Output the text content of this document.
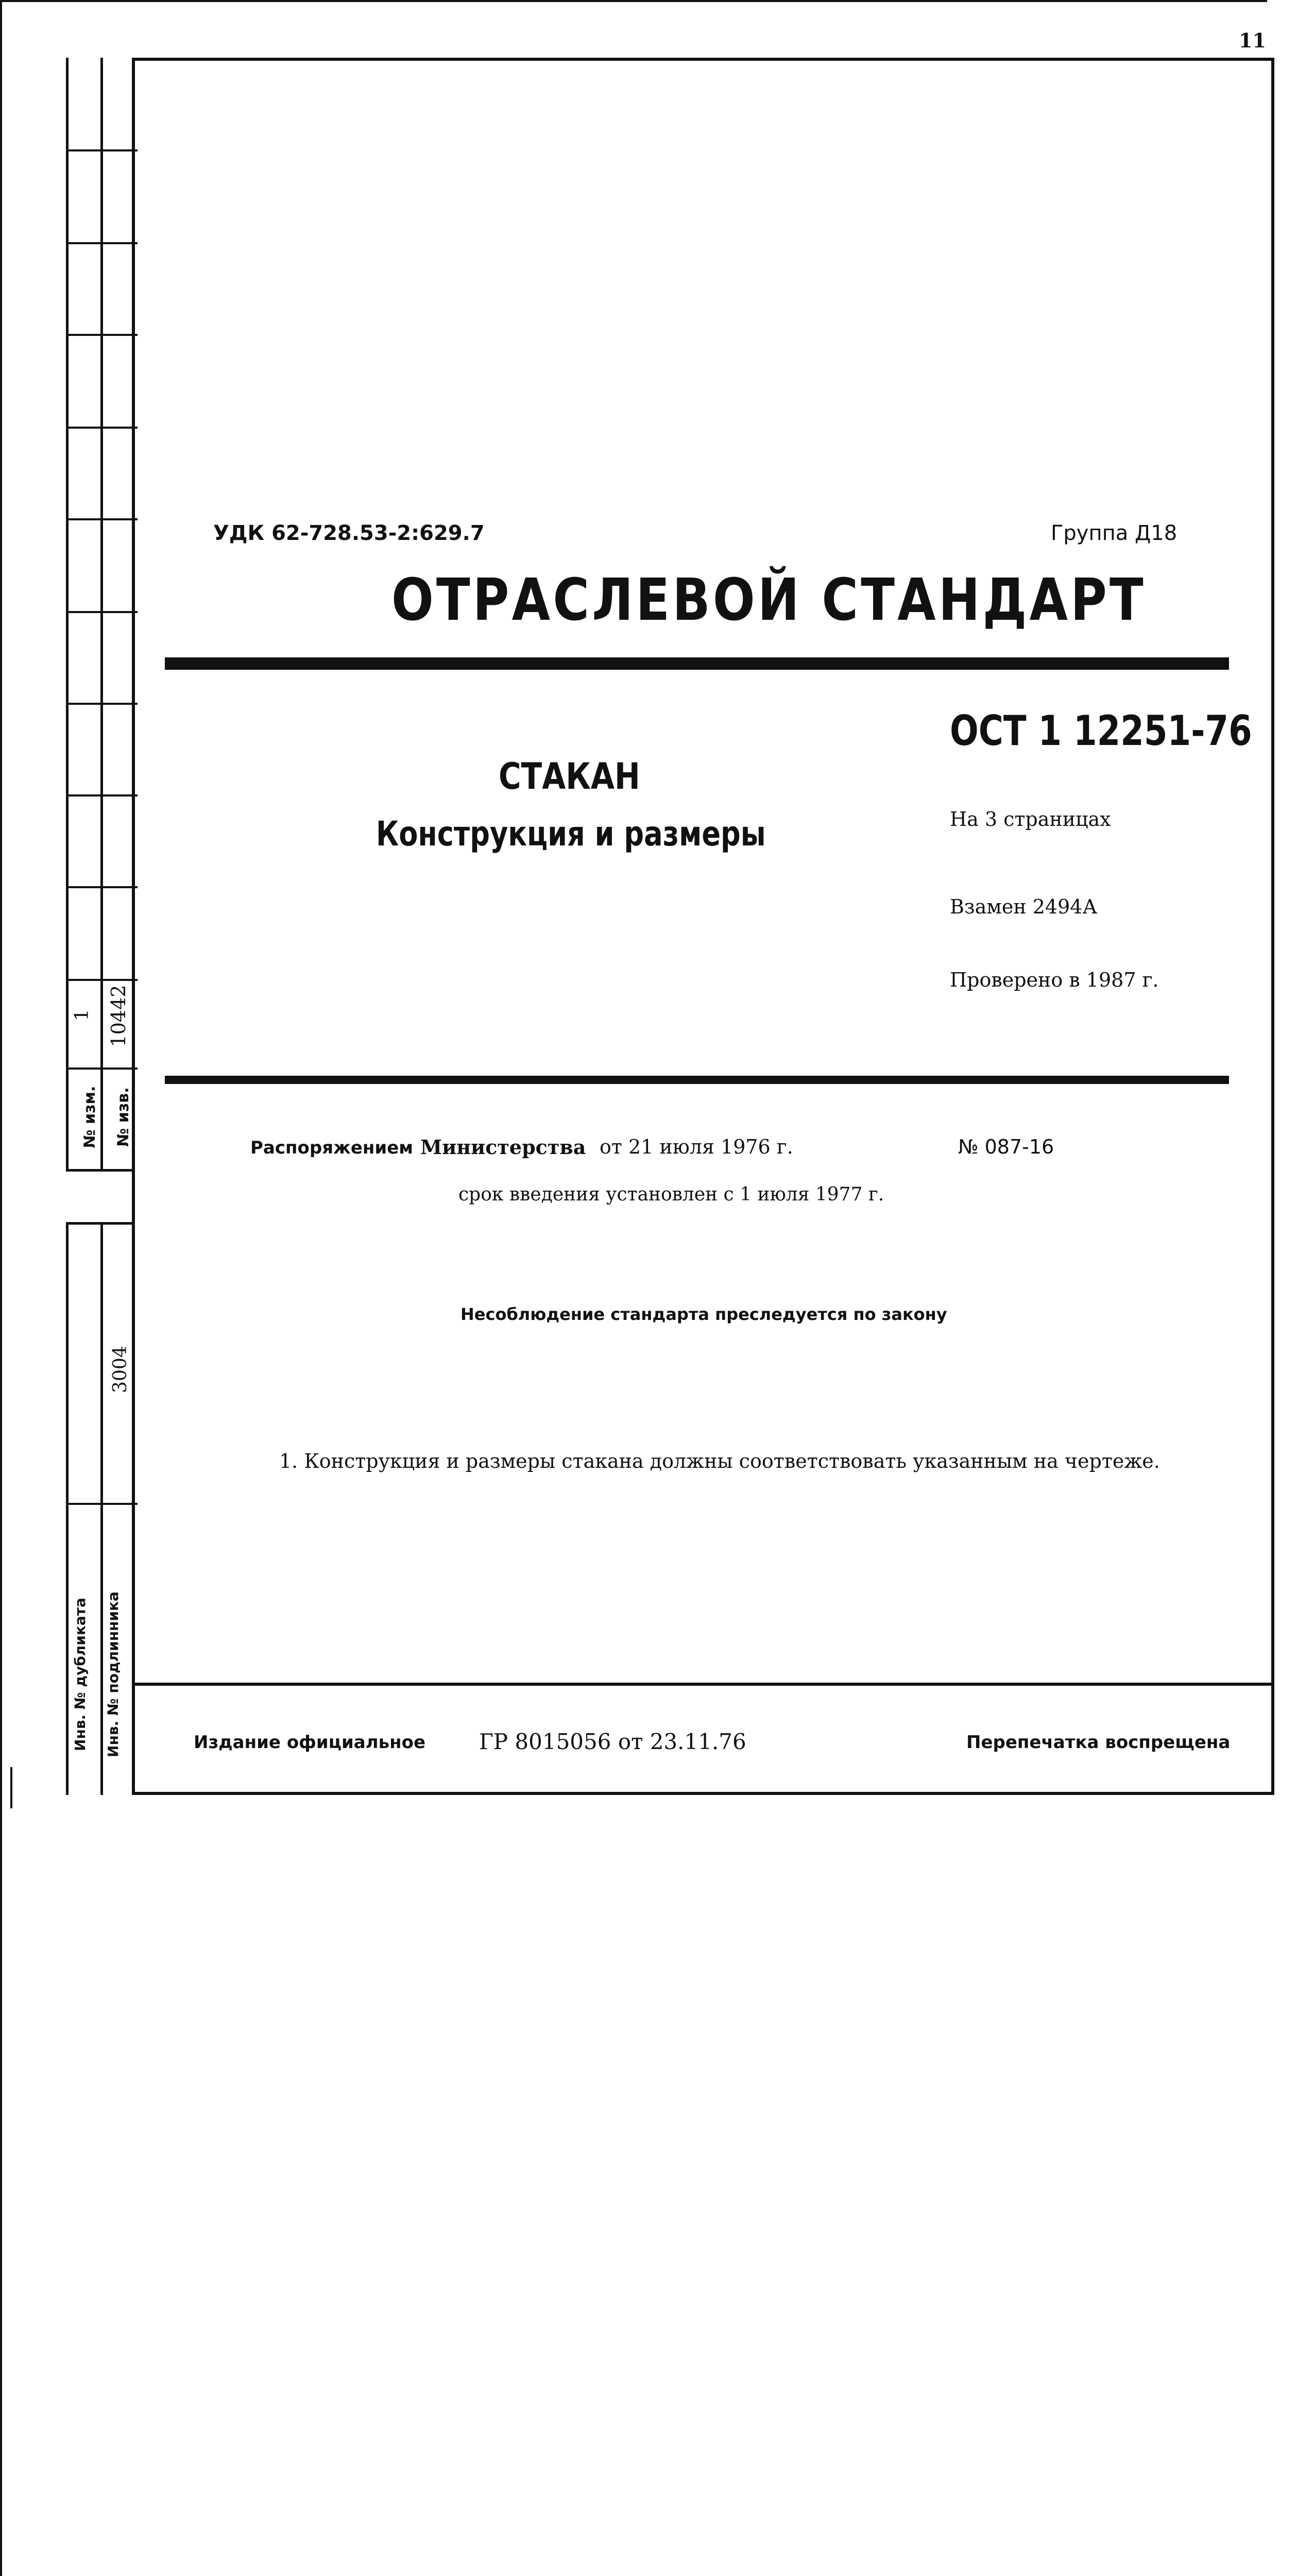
11
1 10442
№ изм. № изв.
3004
Инв. № дубликата Инв. № подлинника
УДК 62-728.53-2:629.7	Группа Д18
ОТРАСЛЕВОЙ СТАНДАРТ
ОСТ 1 12251-76
СТАКАН
Конструкция и размеры	На 3 страницах
Взамен 2494А
Проверено в 1987 г.
Распоряжением Министерства от 21 июля 1976 г.	№ 087-16
срок введения установлен с 1 июля 1977 г.
Несоблюдение стандарта преследуется по закону
1. Конструкция и размеры стакана должны соответствовать указанным на чертеже.
Издание официальное ГР 8015056 от 23.11.76	Перепечатка воспрещена
